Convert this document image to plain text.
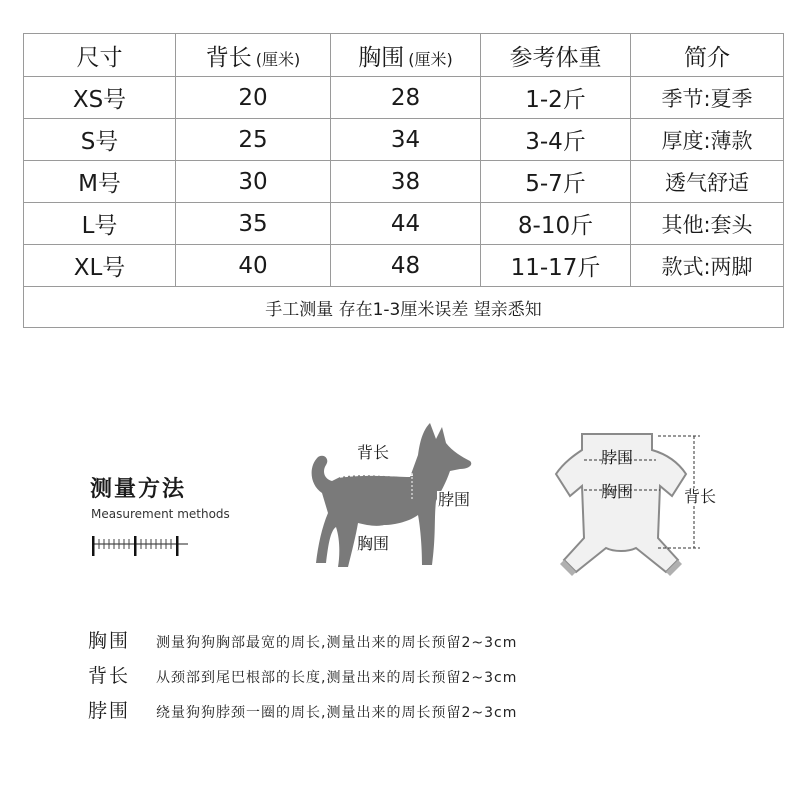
尺寸	背长 (厘米)	胸围 (厘米)	参考体重	简介
XS号	20	28	1-2斤	季节:夏季
S号	25	34	3-4斤	厚度:薄款
M号	30	38	5-7斤	透气舒适
L号	35	44	8-10斤	其他:套头
XL号	40	48	11-17斤	款式:两脚
手工测量 存在1-3厘米误差 望亲悉知				
测量方法
Measurement methods
背长
脖围
胸围
脖围
胸围	背长
胸围	测量狗狗胸部最宽的周长,测量出来的周长预留2~3cm
背长	从颈部到尾巴根部的长度,测量出来的周长预留2~3cm
脖围	绕量狗狗脖颈一圈的周长,测量出来的周长预留2~3cm
